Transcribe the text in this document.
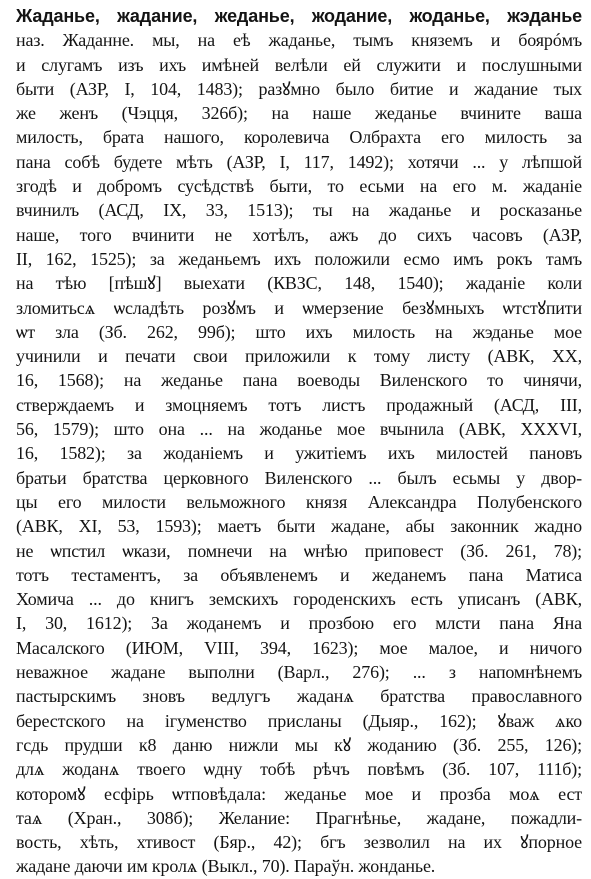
Жаданье, жадание, жеданье, жодание, жоданье, жэданье
наз. Жаданне. мы, на еѣ жаданье, тымъ княземъ и боярóмъ
и слугамъ изъ ихъ имѣней велѣли ей служити и послушными
быти (АЗР, I, 104, 1483); разꙋмно было битие и жадание тых
же женъ (Чэцця, 326б); на наше жеданье вчините ваша
милость, брата нашого, королевича Олбрахта его милость за
пана собѣ будете мѣть (АЗР, I, 117, 1492); хотячи ... у лѣпшой
згодѣ и добромъ сусѣдствѣ быти, то есьми на его м. жаданіе
вчинилъ (АСД, IX, 33, 1513); ты на жаданье и росказанье
наше, того вчинити не хотѣлъ, ажъ до сихъ часовъ (АЗР,
II, 162, 1525); за жеданьемъ ихъ положили есмо имъ рокъ тамъ
на тѣю [пѣшꙋ] выехати (КВЗС, 148, 1540); жаданіе коли
зломитьсѧ ѡсладѣть розꙋмъ и ѡмерзение безꙋмныхъ ѡтстꙋпити
ѡт зла (Зб. 262, 99б); што ихъ милость на жэданье мое
учинили и печати свои приложили к тому листу (АВК, XX,
16, 1568); на жеданье пана воеводы Виленского то чинячи,
стверждаемъ и змоцняемъ тотъ листъ продажный (АСД, III,
56, 1579); што она ... на жоданье мое вчынила (АВК, XXXVI,
16, 1582); за жоданіемъ и ужитіемъ ихъ милостей пановъ
братьи братства церковного Виленского ... былъ есьмы у двор-
цы его милости вельможного князя Александра Полубенского
(АВК, XI, 53, 1593); маетъ быти жадане, абы законник жадно
не ѡпстил ѡкази, помнечи на ѡнѣю приповест (Зб. 261, 78);
тотъ тестаментъ, за объявленемъ и жеданемъ пана Матиса
Хомича ... до книгъ земскихъ городенскихъ есть уписанъ (АВК,
I, 30, 1612); За жоданемъ и прозбою его млсти пана Яна
Масалского (ИЮМ, VIII, 394, 1623); мое малое, и ничого
неважное жадане выполни (Варл., 276); ... з напомнѣнемъ
пастырскимъ зновъ ведлугъ жаданѧ братства православного
берестского на ігуменство присланы (Дыяр., 162); ꙋваж ѧко
гсдь прудши к8 даню нижли мы кꙋ жоданию (Зб. 255, 126);
длѧ жоданѧ твоего ѡдну тобѣ рѣчъ повѣмъ (Зб. 107, 111б);
которомꙋ есфірь ѡтповѣдала: жеданье мое и прозба моѧ ест
таѧ (Хран., 308б); Желание: Прагнѣнье, жадане, пожадли-
вость, хѣть, хтивост (Бяр., 42); бгъ зезволил на их ꙋпорное
жадане даючи им кролѧ (Выкл., 70). Параўн. жонданье.
